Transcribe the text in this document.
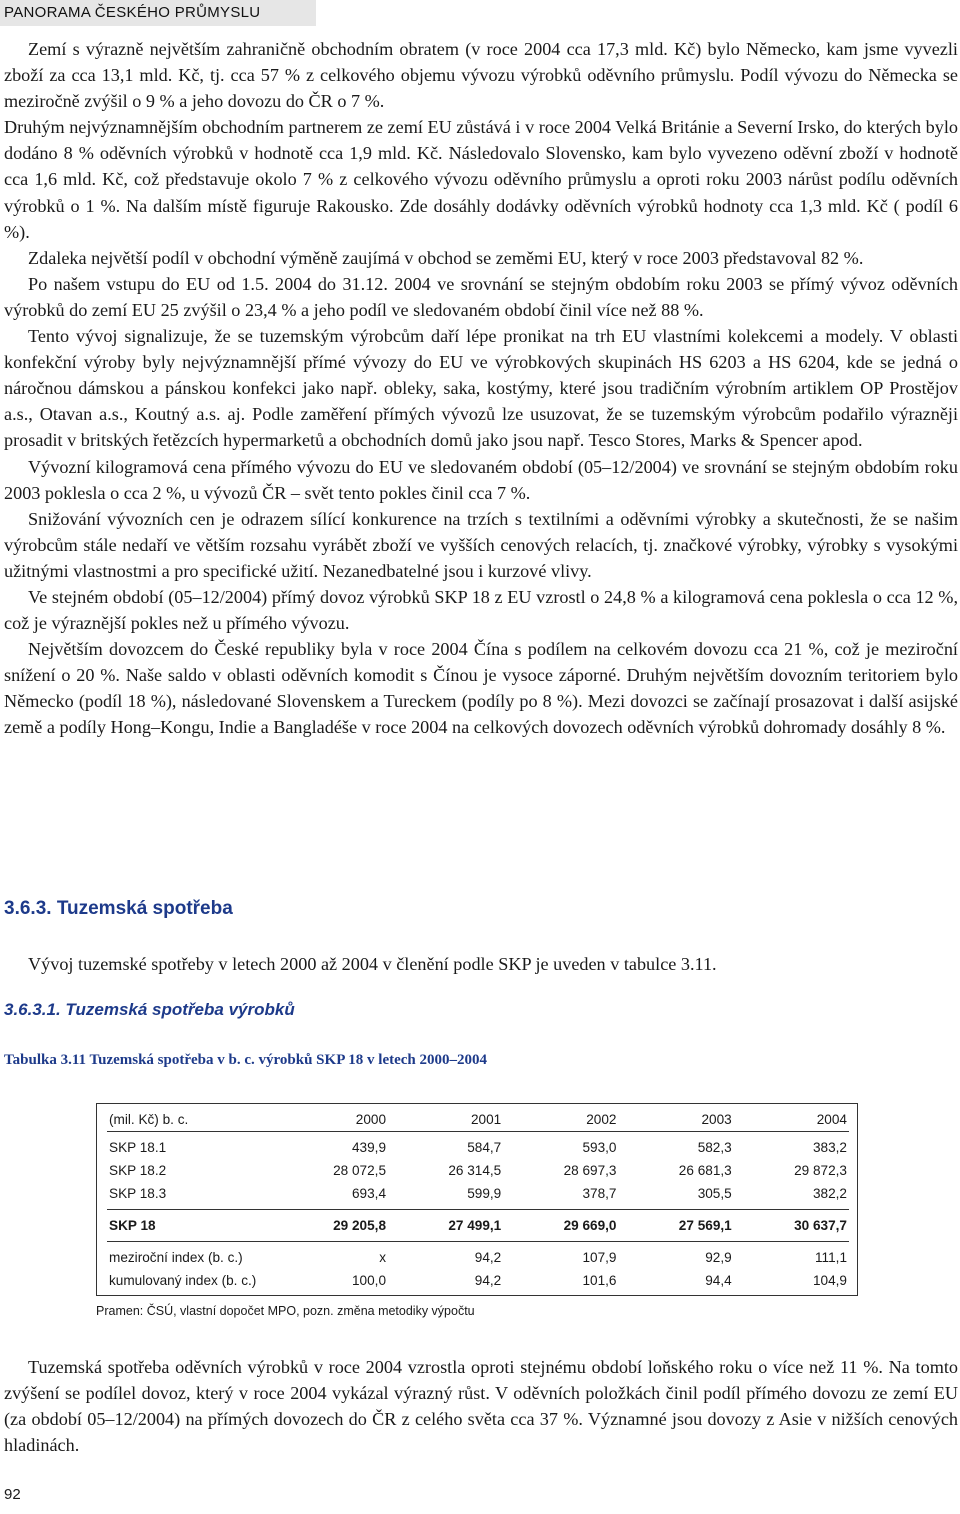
PANORAMA ČESKÉHO PRŮMYSLU

Zemí s výrazně největším zahraničně obchodním obratem (v roce 2004 cca 17,3 mld. Kč) bylo Německo, kam jsme vyvezli zboží za cca 13,1 mld. Kč, tj. cca 57 % z celkového objemu vývozu výrobků oděvního průmyslu. Podíl vývozu do Německa se meziročně zvýšil o 9 % a jeho dovozu do ČR o 7 %.

Druhým nejvýznamnějším obchodním partnerem ze zemí EU zůstává i v roce 2004 Velká Británie a Severní Irsko, do kterých bylo dodáno 8 % oděvních výrobků v hodnotě cca 1,9 mld. Kč. Následovalo Slovensko, kam bylo vyvezeno oděvní zboží v hodnotě cca 1,6 mld. Kč, což představuje okolo 7 % z celkového vývozu oděvního průmyslu a oproti roku 2003 nárůst podílu oděvních výrobků o 1 %. Na dalším místě figuruje Rakousko. Zde dosáhly dodávky oděvních výrobků hodnoty cca 1,3 mld. Kč ( podíl 6 %).

Zdaleka největší podíl v obchodní výměně zaujímá v obchod se zeměmi EU, který v roce 2003 představoval 82 %.

Po našem vstupu do EU od 1.5. 2004 do 31.12. 2004 ve srovnání se stejným obdobím roku 2003 se přímý vývoz oděvních výrobků do zemí EU 25 zvýšil o 23,4 % a jeho podíl ve sledovaném období činil více než 88 %.

Tento vývoj signalizuje, že se tuzemským výrobcům daří lépe pronikat na trh EU vlastními kolekcemi a modely. V oblasti konfekční výroby byly nejvýznamnější přímé vývozy do EU ve výrobkových skupinách HS 6203 a HS 6204, kde se jedná o náročnou dámskou a pánskou konfekci jako např. obleky, saka, kostýmy, které jsou tradičním výrobním artiklem OP Prostějov a.s., Otavan a.s., Koutný a.s. aj. Podle zaměření přímých vývozů lze usuzovat, že se tuzemským výrobcům podařilo výrazněji prosadit v britských řetězcích hypermarketů a obchodních domů jako jsou např. Tesco Stores, Marks & Spencer apod.

Vývozní kilogramová cena přímého vývozu do EU ve sledovaném období (05–12/2004) ve srovnání se stejným obdobím roku 2003 poklesla o cca 2 %, u vývozů ČR – svět tento pokles činil cca 7 %.

Snižování vývozních cen je odrazem sílící konkurence na trzích s textilními a oděvními výrobky a skutečnosti, že se našim výrobcům stále nedaří ve větším rozsahu vyrábět zboží ve vyšších cenových relacích, tj. značkové výrobky, výrobky s vysokými užitnými vlastnostmi a pro specifické užití. Nezanedbatelné jsou i kurzové vlivy.

Ve stejném období (05–12/2004) přímý dovoz výrobků SKP 18 z EU vzrostl o 24,8 % a kilogramová cena poklesla o cca 12 %, což je výraznější pokles než u přímého vývozu.

Největším dovozcem do České republiky byla v roce 2004 Čína s podílem na celkovém dovozu cca 21 %, což je meziroční snížení o 20 %. Naše saldo v oblasti oděvních komodit s Čínou je vysoce záporné. Druhým největším dovozním teritoriem bylo Německo (podíl 18 %), následované Slovenskem a Tureckem (podíly po 8 %). Mezi dovozci se začínají prosazovat i další asijské země a podíly Hong–Kongu, Indie a Bangladéše v roce 2004 na celkových dovozech oděvních výrobků dohromady dosáhly 8 %.

3.6.3. Tuzemská spotřeba

Vývoj tuzemské spotřeby v letech 2000 až 2004 v členění podle SKP je uveden v tabulce 3.11.

3.6.3.1. Tuzemská spotřeba výrobků

Tabulka 3.11 Tuzemská spotřeba v b. c. výrobků SKP 18 v letech 2000–2004

(mil. Kč) b. c.	2000	2001	2002	2003	2004

SKP 18.1	439,9	584,7	593,0	582,3	383,2
SKP 18.2	28 072,5	26 314,5	28 697,3	26 681,3	29 872,3
SKP 18.3	693,4	599,9	378,7	305,5	382,2

SKP 18	29 205,8	27 499,1	29 669,0	27 569,1	30 637,7

meziroční index (b. c.)	x	94,2	107,9	92,9	111,1
kumulovaný index (b. c.)	100,0	94,2	101,6	94,4	104,9

Pramen: ČSÚ, vlastní dopočet MPO, pozn. změna metodiky výpočtu

Tuzemská spotřeba oděvních výrobků v roce 2004 vzrostla oproti stejnému období loňského roku o více než 11 %. Na tomto zvýšení se podílel dovoz, který v roce 2004 vykázal výrazný růst. V oděvních položkách činil podíl přímého dovozu ze zemí EU (za období 05–12/2004) na přímých dovozech do ČR z celého světa cca 37 %. Významné jsou dovozy z Asie v nižších cenových hladinách.

92
